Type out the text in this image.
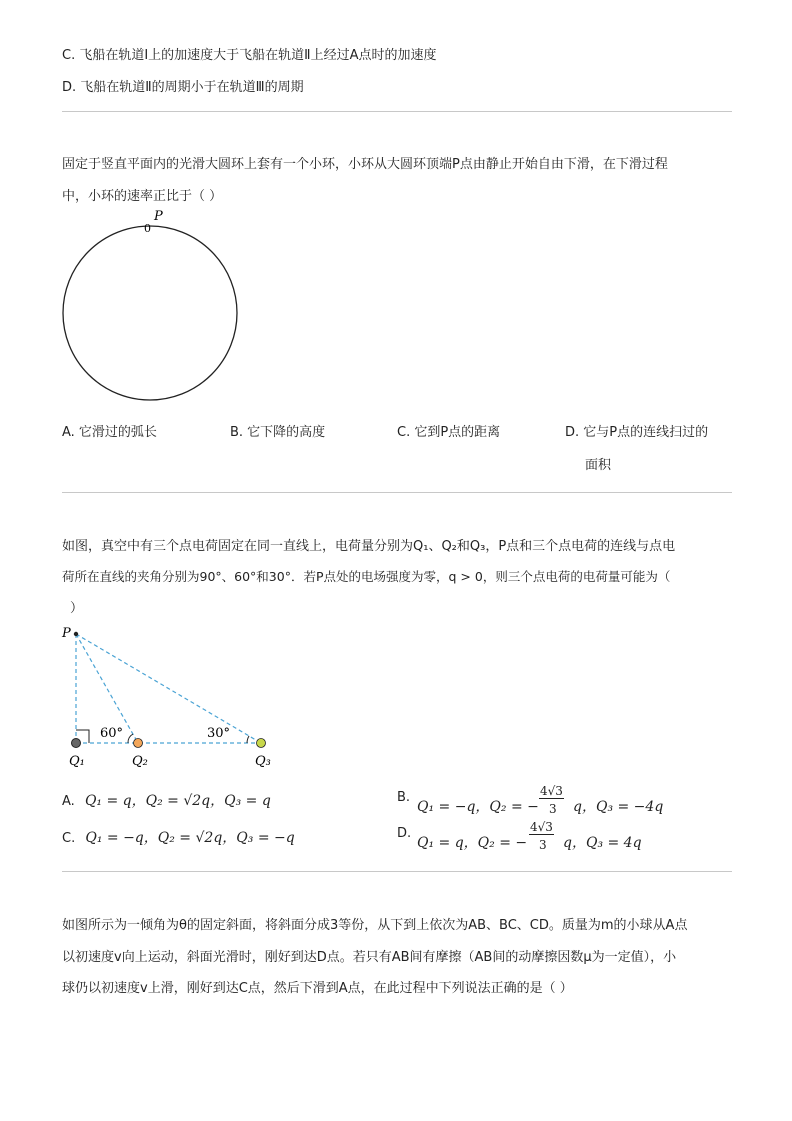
C. 飞船在轨道Ⅰ上的加速度大于飞船在轨道Ⅱ上经过A点时的加速度
D. 飞船在轨道Ⅱ的周期小于在轨道Ⅲ的周期
固定于竖直平面内的光滑大圆环上套有一个小环，小环从大圆环顶端P点由静止开始自由下滑，在下滑过程
中，小环的速率正比于（ ）
P
0
A. 它滑过的弧长	B. 它下降的高度	C. 它到P点的距离	D. 它与P点的连线扫过的
面积
如图，真空中有三个点电荷固定在同一直线上，电荷量分别为Q₁、Q₂和Q₃，P点和三个点电荷的连线与点电
荷所在直线的夹角分别为90°、60°和30°．若P点处的电场强度为零，q > 0，则三个点电荷的电荷量可能为（
）
P
60°	30°
Q₁	Q₂	Q₃
A. Q₁ = q，Q₂ = √2q，Q₃ = q	B.
Q₁ = −q，Q₂ = −
4√3
3 q，Q₃ = −4q
C. Q₁ = −q，Q₂ = √2q，Q₃ = −q	D.
Q₁ = q，Q₂ = −
4√3
3 q，Q₃ = 4q
如图所示为一倾角为θ的固定斜面，将斜面分成3等份，从下到上依次为AB、BC、CD。质量为m的小球从A点
以初速度v向上运动，斜面光滑时，刚好到达D点。若只有AB间有摩擦（AB间的动摩擦因数μ为一定值），小
球仍以初速度v上滑，刚好到达C点，然后下滑到A点，在此过程中下列说法正确的是（ ）
